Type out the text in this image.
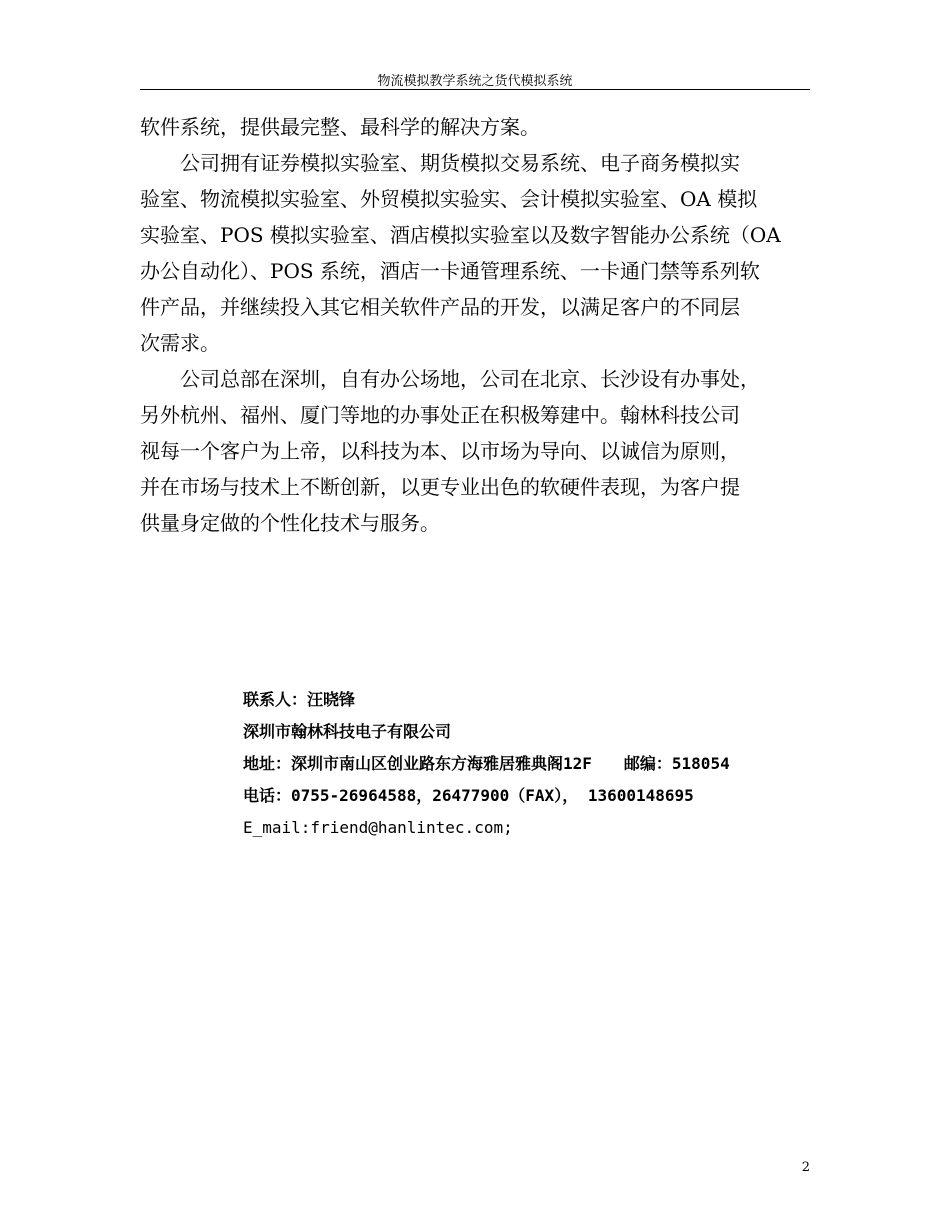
物流模拟教学系统之货代模拟系统

软件系统，提供最完整、最科学的解决方案。

　　公司拥有证券模拟实验室、期货模拟交易系统、电子商务模拟实

验室、物流模拟实验室、外贸模拟实验实、会计模拟实验室、OA 模拟

实验室、POS 模拟实验室、酒店模拟实验室以及数字智能办公系统（OA

办公自动化）、POS 系统，酒店一卡通管理系统、一卡通门禁等系列软

件产品，并继续投入其它相关软件产品的开发，以满足客户的不同层

次需求。

　　公司总部在深圳，自有办公场地，公司在北京、长沙设有办事处，

另外杭州、福州、厦门等地的办事处正在积极筹建中。翰林科技公司

视每一个客户为上帝，以科技为本、以市场为导向、以诚信为原则，

并在市场与技术上不断创新，以更专业出色的软硬件表现，为客户提

供量身定做的个性化技术与服务。

联系人：汪晓锋

深圳市翰林科技电子有限公司

地址：深圳市南山区创业路东方海雅居雅典阁12F 邮编：518054

电话：0755-26964588，26477900（FAX）， 13600148695

E_mail:friend@hanlintec.com;

2
